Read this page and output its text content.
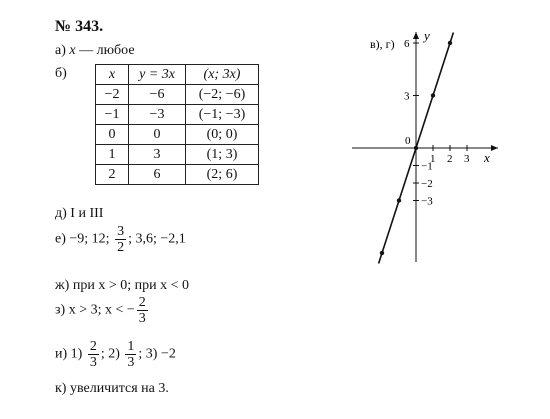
№ 343.
а) x — любое
б)	x	y = 3x	(x; 3x)
−2	−6	(−2; −6)
−1	−3	(−1; −3)
0	0	(0; 0)
1	3	(1; 3)
2	6	(2; 6)
д) I и III
е) −9; 12; $\frac{3}{2}$ ; 3,6; −2,1
ж) при x > 0; при x < 0
з) x > 3; x < − $\frac{2}{3}$
и) $1) \frac{2}{3}$ ; $2) \frac{1}{3}$ ; 3) −2
к) увеличится на 3.
в), г)
x
y
0
1 2 3
3
6
−1
−2
−3
